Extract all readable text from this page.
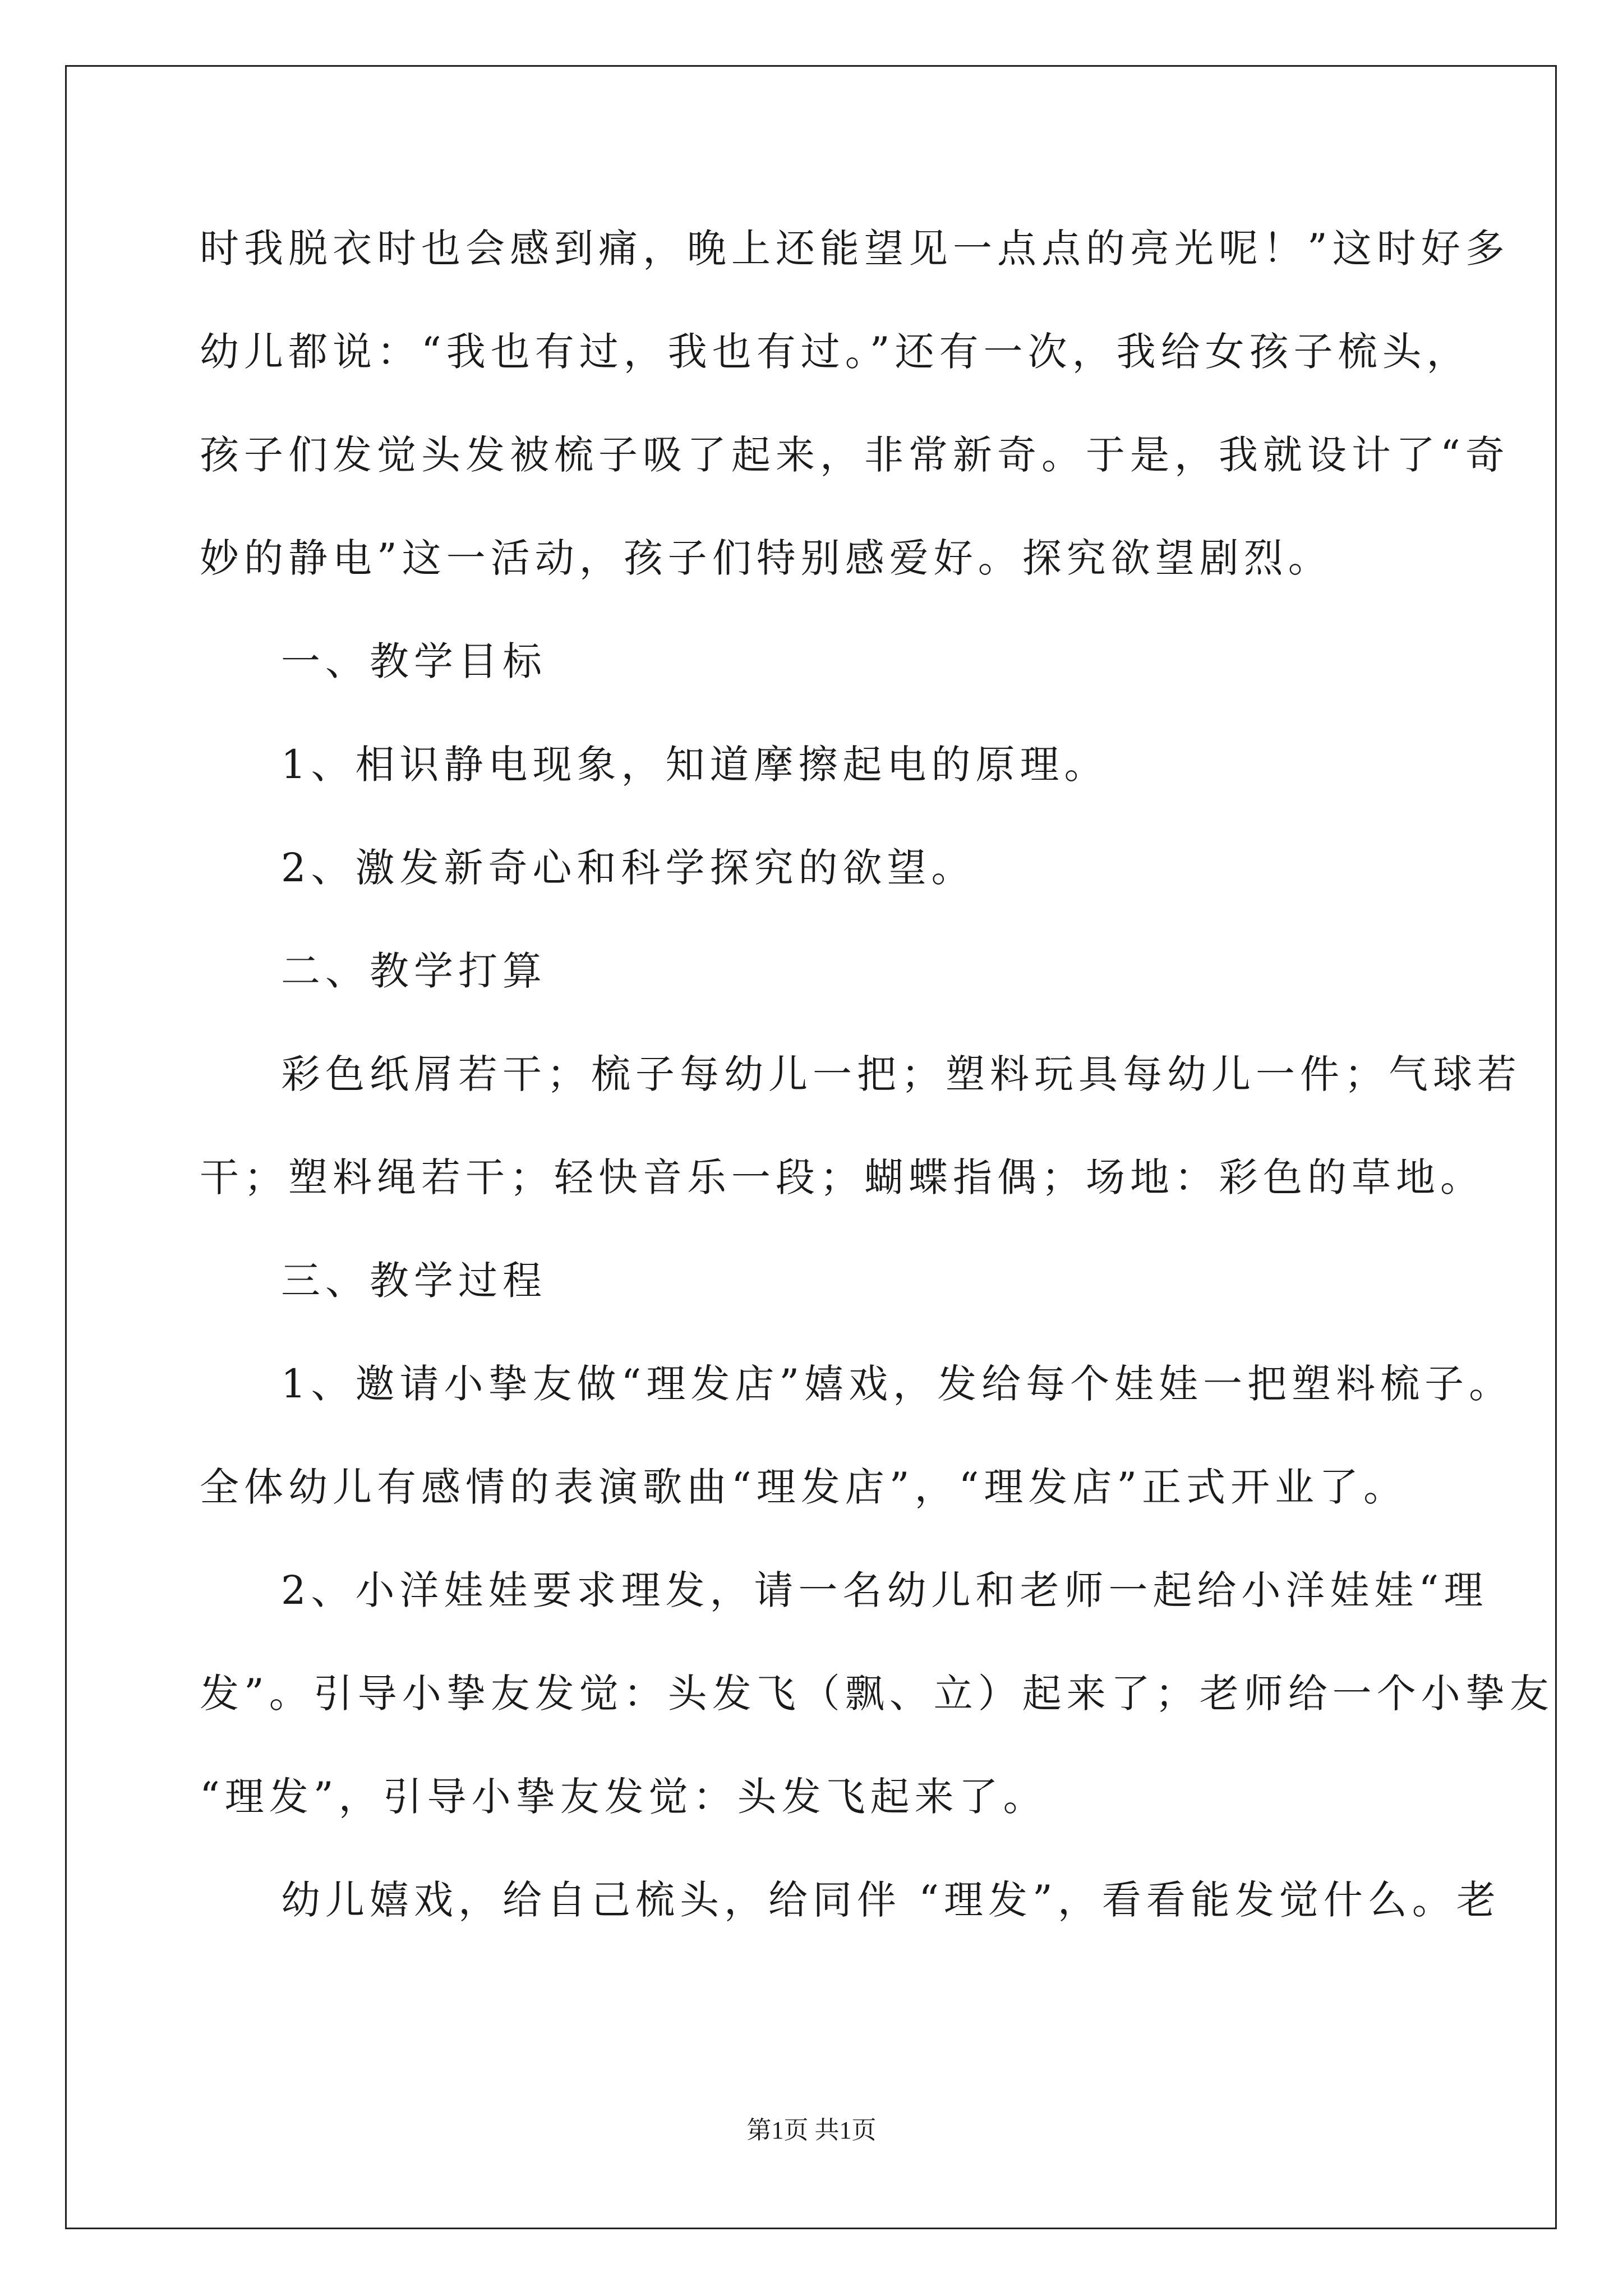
时我脱衣时也会感到痛，晚上还能望见一点点的亮光呢！”这时好多
幼儿都说：“我也有过，我也有过。”还有一次，我给女孩子梳头，
孩子们发觉头发被梳子吸了起来，非常新奇。于是，我就设计了“奇
妙的静电”这一活动，孩子们特别感爱好。探究欲望剧烈。
一、教学目标
1、相识静电现象，知道摩擦起电的原理。
2、激发新奇心和科学探究的欲望。
二、教学打算
彩色纸屑若干；梳子每幼儿一把；塑料玩具每幼儿一件；气球若
干；塑料绳若干；轻快音乐一段；蝴蝶指偶；场地：彩色的草地。
三、教学过程
1、邀请小挚友做“理发店”嬉戏，发给每个娃娃一把塑料梳子。
全体幼儿有感情的表演歌曲“理发店”，“理发店”正式开业了。
2、小洋娃娃要求理发，请一名幼儿和老师一起给小洋娃娃“理
发”。引导小挚友发觉：头发飞（飘、立）起来了；老师给一个小挚友
“理发”，引导小挚友发觉：头发飞起来了。
幼儿嬉戏，给自己梳头，给同伴 “理发”，看看能发觉什么。老
第1页 共1页
